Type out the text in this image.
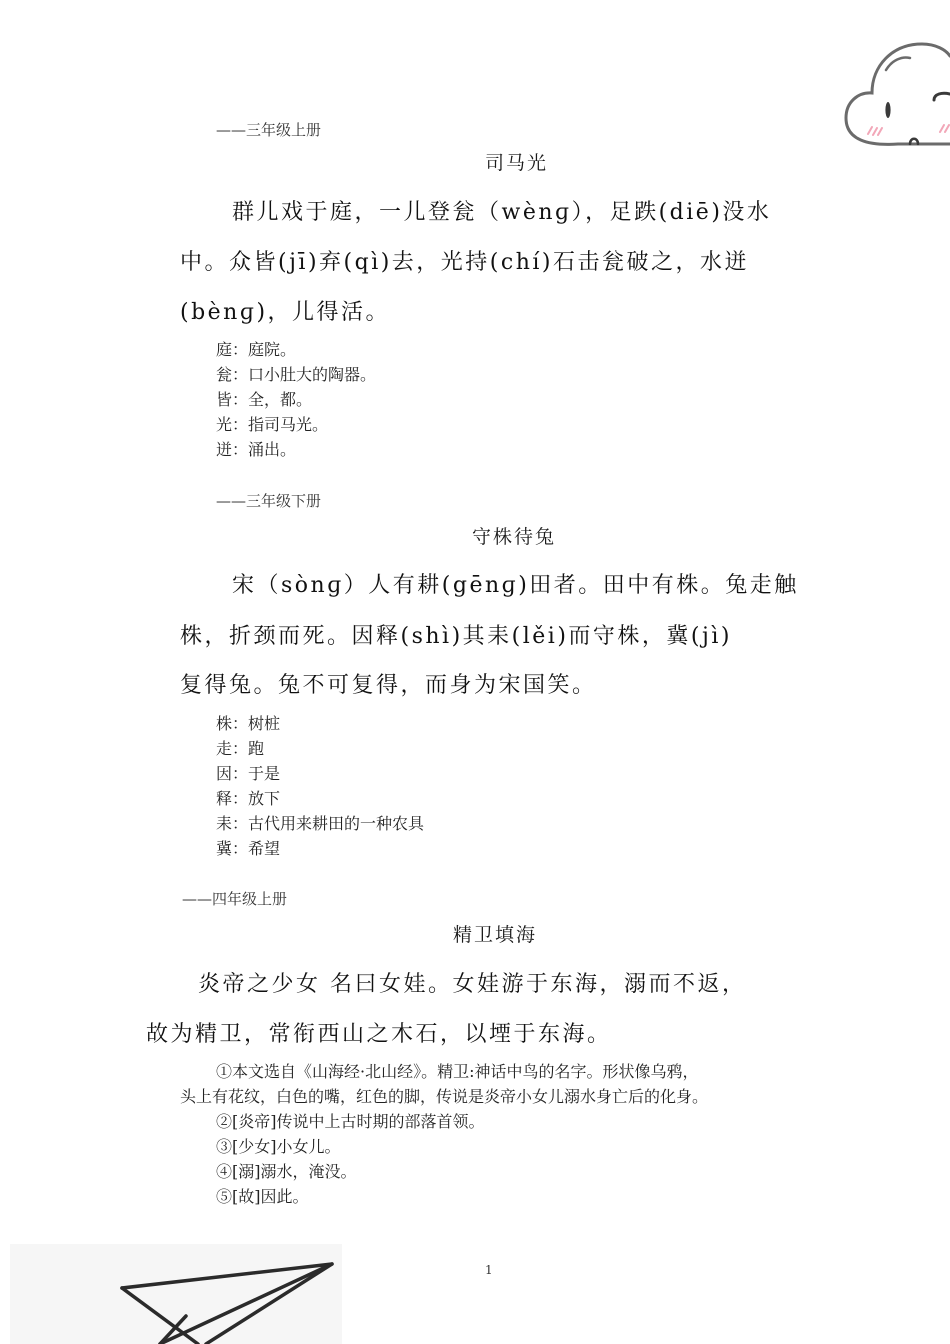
——三年级上册
司马光
群儿戏于庭，一儿登瓮（wènɡ），足跌(diē)没水
中。众皆(jī)弃(qì)去，光持(chí)石击瓮破之，水迸
(bènɡ)，儿得活。
庭：庭院。
瓮：口小肚大的陶器。
皆：全，都。
光：指司马光。
迸：涌出。
——三年级下册
守株待兔
宋（sònɡ）人有耕(gēnɡ)田者。田中有株。兔走触
株，折颈而死。因释(shì)其耒(lěi)而守株，冀(jì)
复得兔。兔不可复得，而身为宋国笑。
株：树桩
走：跑
因：于是
释：放下
耒：古代用来耕田的一种农具
冀：希望
——四年级上册
精卫填海
炎帝之少女 名曰女娃。女娃游于东海，溺而不返，
故为精卫，常衔西山之木石，以堙于东海。
①本文选自《山海经·北山经》。精卫:神话中鸟的名字。形状像乌鸦，
头上有花纹，白色的嘴，红色的脚，传说是炎帝小女儿溺水身亡后的化身。
②[炎帝]传说中上古时期的部落首领。
③[少女]小女儿。
④[溺]溺水，淹没。
⑤[故]因此。
1
